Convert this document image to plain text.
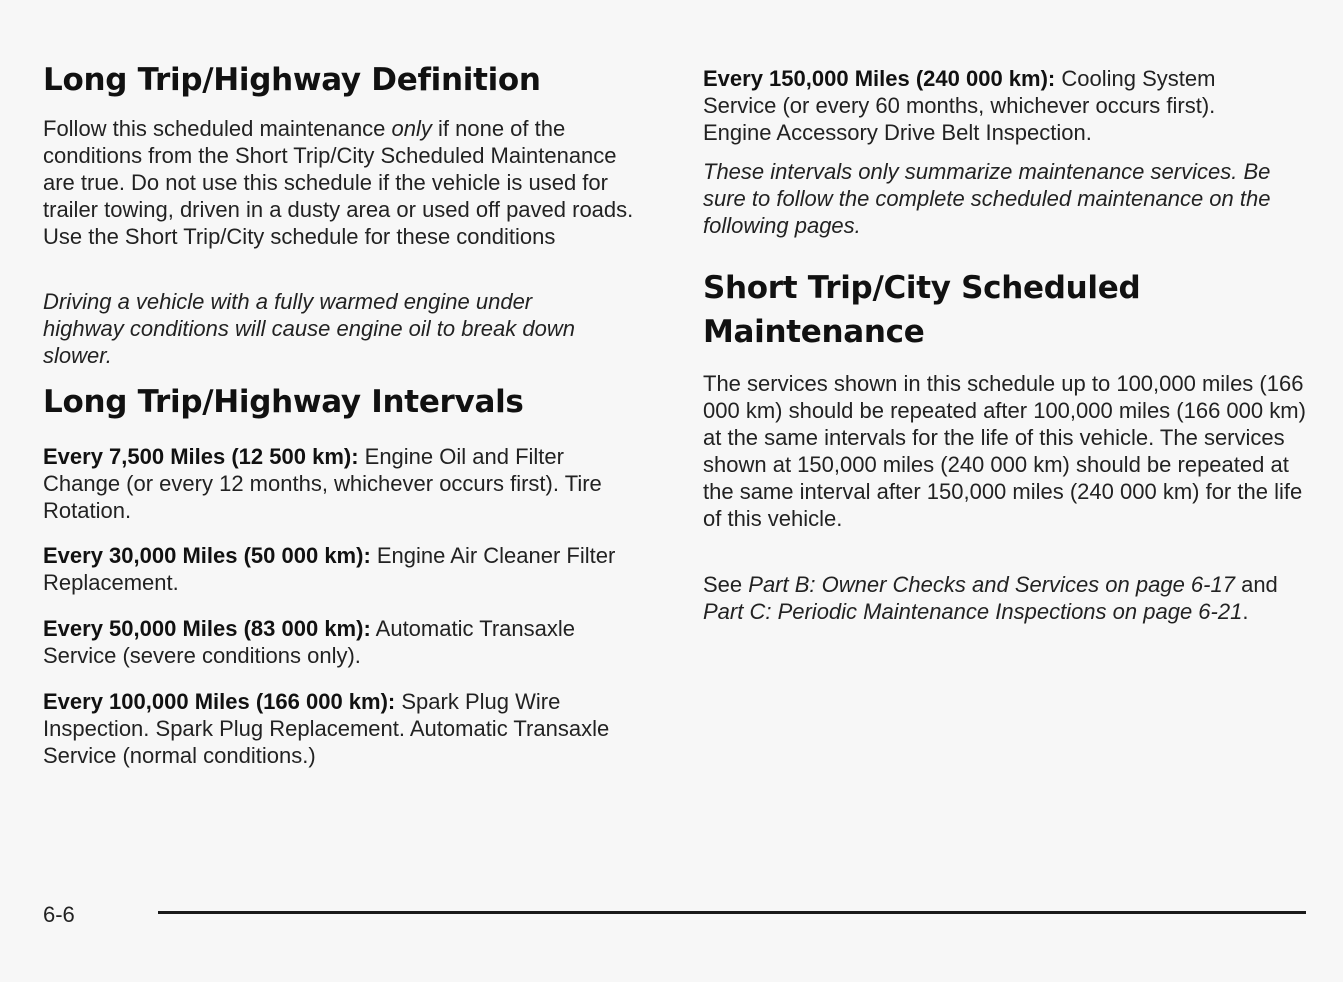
Long Trip/Highway Definition

Follow this scheduled maintenance only if none of the conditions from the Short Trip/City Scheduled Maintenance are true. Do not use this schedule if the vehicle is used for trailer towing, driven in a dusty area or used off paved roads. Use the Short Trip/City schedule for these conditions

Driving a vehicle with a fully warmed engine under highway conditions will cause engine oil to break down slower.

Long Trip/Highway Intervals

Every 7,500 Miles (12 500 km): Engine Oil and Filter Change (or every 12 months, whichever occurs first). Tire Rotation.

Every 30,000 Miles (50 000 km): Engine Air Cleaner Filter Replacement.

Every 50,000 Miles (83 000 km): Automatic Transaxle Service (severe conditions only).

Every 100,000 Miles (166 000 km): Spark Plug Wire Inspection. Spark Plug Replacement. Automatic Transaxle Service (normal conditions.)

Every 150,000 Miles (240 000 km): Cooling System Service (or every 60 months, whichever occurs first). Engine Accessory Drive Belt Inspection.

These intervals only summarize maintenance services. Be sure to follow the complete scheduled maintenance on the following pages.

Short Trip/City Scheduled Maintenance

The services shown in this schedule up to 100,000 miles (166 000 km) should be repeated after 100,000 miles (166 000 km) at the same intervals for the life of this vehicle. The services shown at 150,000 miles (240 000 km) should be repeated at the same interval after 150,000 miles (240 000 km) for the life of this vehicle.

See Part B: Owner Checks and Services on page 6-17 and Part C: Periodic Maintenance Inspections on page 6-21.

6-6
